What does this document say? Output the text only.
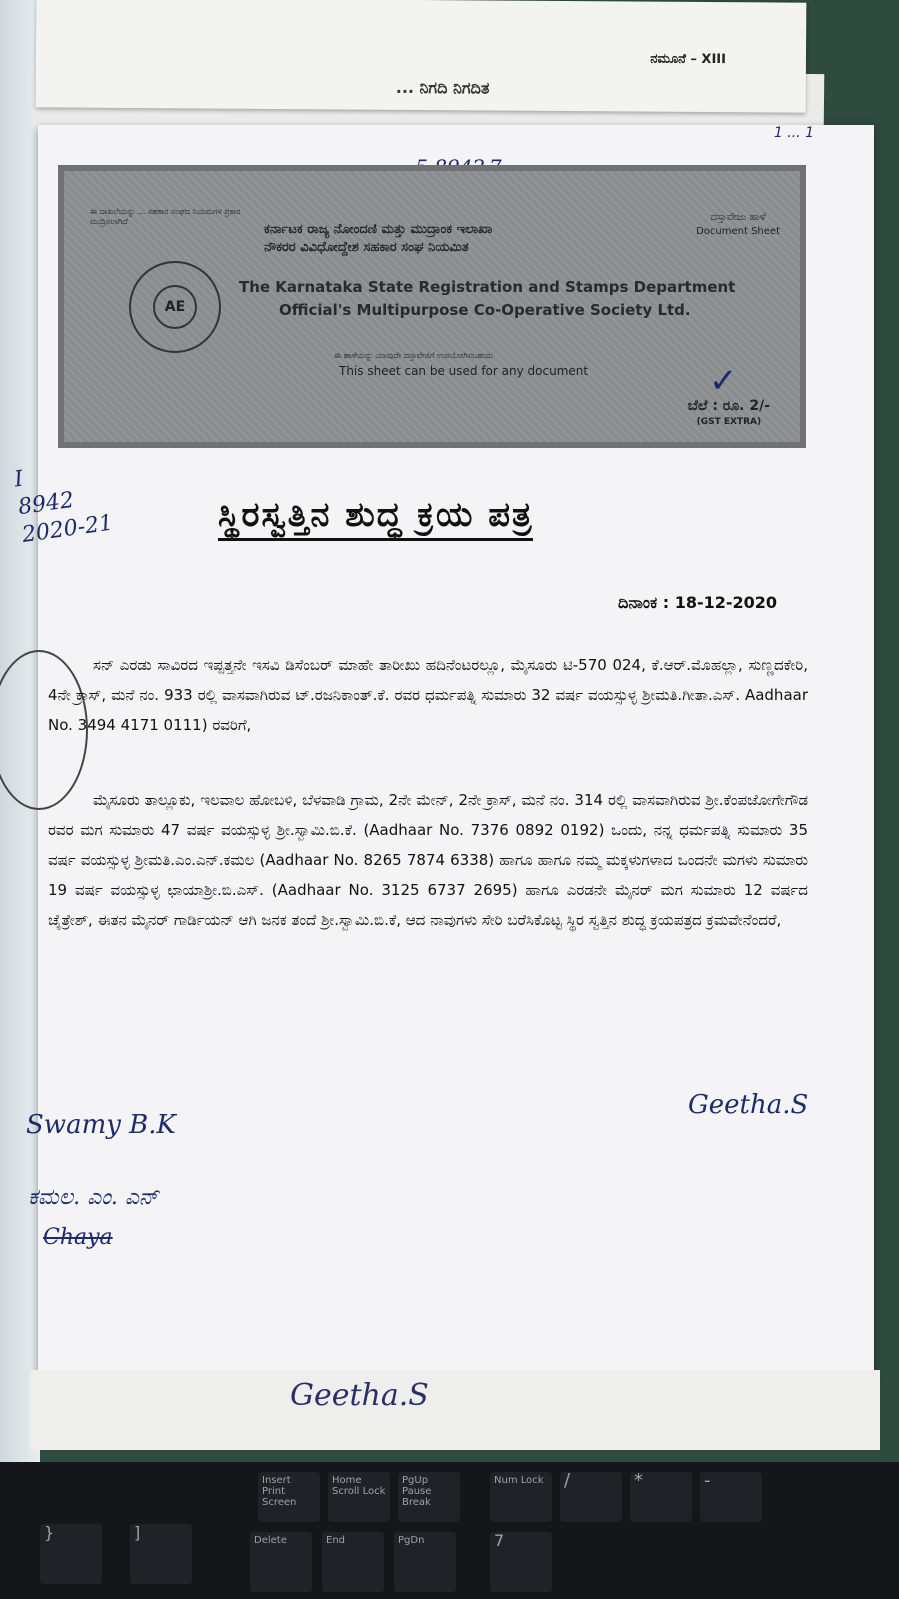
ನಮೂನೆ – XIII
... ನಿಗದಿ ನಿಗದಿತ
1 ... 1
ಈ ದಾಖಲೆಯನ್ನು ... ಸಹಕಾರ ಸಂಘದ ನಿಯಮಗಳ ಪ್ರಕಾರ ಮುದ್ರಿಸಲಾಗಿದೆ
ಕರ್ನಾಟಕ ರಾಜ್ಯ ನೋಂದಣಿ ಮತ್ತು ಮುದ್ರಾಂಕ ಇಲಾಖಾ
ನೌಕರರ ವಿವಿಧೋದ್ದೇಶ ಸಹಕಾರ ಸಂಘ ನಿಯಮಿತ
ದಸ್ತಾವೇಜು ಹಾಳೆ
Document Sheet
AE
The Karnataka State Registration and Stamps Department
Official's Multipurpose Co-Operative Society Ltd.
ಈ ಹಾಳೆಯನ್ನು ಯಾವುದೇ ದಸ್ತಾವೇಜಿಗೆ ಉಪಯೋಗಿಸಬಹುದು
This sheet can be used for any document	✓
ಬೆಲೆ : ರೂ. 2/-
(GST EXTRA)
I
8942
2020-21	ಸ್ಥಿರಸ್ವತ್ತಿನ ಶುದ್ಧ ಕ್ರಯ ಪತ್ರ
ದಿನಾಂಕ : 18-12-2020

ಸನ್ ಎರಡು ಸಾವಿರದ ಇಪ್ಪತ್ತನೇ ಇಸವಿ ಡಿಸೆಂಬರ್ ಮಾಹೇ ತಾರೀಖು ಹದಿನೆಂಟರಲ್ಲೂ, ಮೈಸೂರು ಟಿ-570 024, ಕೆ.ಆರ್.ಮೊಹಲ್ಲಾ, ಸುಣ್ಣದಕೇರಿ, 4ನೇ ಕ್ರಾಸ್, ಮನೆ ನಂ. 933 ರಲ್ಲಿ ವಾಸವಾಗಿರುವ ಟ್.ರಜನಿಕಾಂತ್.ಕೆ. ರವರ ಧರ್ಮಪತ್ನಿ ಸುಮಾರು 32 ವರ್ಷ ವಯಸ್ಸುಳ್ಳ ಶ್ರೀಮತಿ.ಗೀತಾ.ಎಸ್. Aadhaar No. 3494 4171 0111) ರವರಿಗೆ,

ಮೈಸೂರು ತಾಲ್ಲೂಕು, ಇಲವಾಲ ಹೋಬಳಿ, ಬೆಳವಾಡಿ ಗ್ರಾಮ, 2ನೇ ಮೇನ್, 2ನೇ ಕ್ರಾಸ್, ಮನೆ ನಂ. 314 ರಲ್ಲಿ ವಾಸವಾಗಿರುವ ಶ್ರೀ.ಕೆಂಪಜೋಗೇಗೌಡ ರವರ ಮಗ ಸುಮಾರು 47 ವರ್ಷ ವಯಸ್ಸುಳ್ಳ ಶ್ರೀ.ಸ್ವಾಮಿ.ಬಿ.ಕೆ. (Aadhaar No. 7376 0892 0192) ಒಂದು, ನನ್ನ ಧರ್ಮಪತ್ನಿ ಸುಮಾರು 35 ವರ್ಷ ವಯಸ್ಸುಳ್ಳ ಶ್ರೀಮತಿ.ಎಂ.ಎನ್.ಕಮಲ (Aadhaar No. 8265 7874 6338) ಹಾಗೂ ಹಾಗೂ ನಮ್ಮ ಮಕ್ಕಳುಗಳಾದ ಒಂದನೇ ಮಗಳು ಸುಮಾರು 19 ವರ್ಷ ವಯಸ್ಸುಳ್ಳ ಛಾಯಾಶ್ರೀ.ಬಿ.ಎಸ್. (Aadhaar No. 3125 6737 2695) ಹಾಗೂ ಎರಡನೇ ಮೈನರ್ ಮಗ ಸುಮಾರು 12 ವರ್ಷದ ಚೈತ್ರೇಶ್, ಈತನ ಮೈನರ್ ಗಾರ್ಡಿಯನ್ ಆಗಿ ಜನಕ ತಂದೆ ಶ್ರೀ.ಸ್ವಾಮಿ.ಬಿ.ಕೆ, ಆದ ನಾವುಗಳು ಸೇರಿ ಬರೆಸಿಕೊಟ್ಟ ಸ್ಥಿರ ಸ್ವತ್ತಿನ ಶುದ್ಧ ಕ್ರಯಪತ್ರದ ಕ್ರಮವೇನೆಂದರೆ,

Geetha.S
Swamy B.K
ಕಮಲ. ಎಂ. ಎನ್
Chaya
Geetha.S
Insert
Print Screen
Home
Scroll Lock
PgUp
Pause Break
Num Lock /	*	-
}	]	Delete	End	PgDn	7
